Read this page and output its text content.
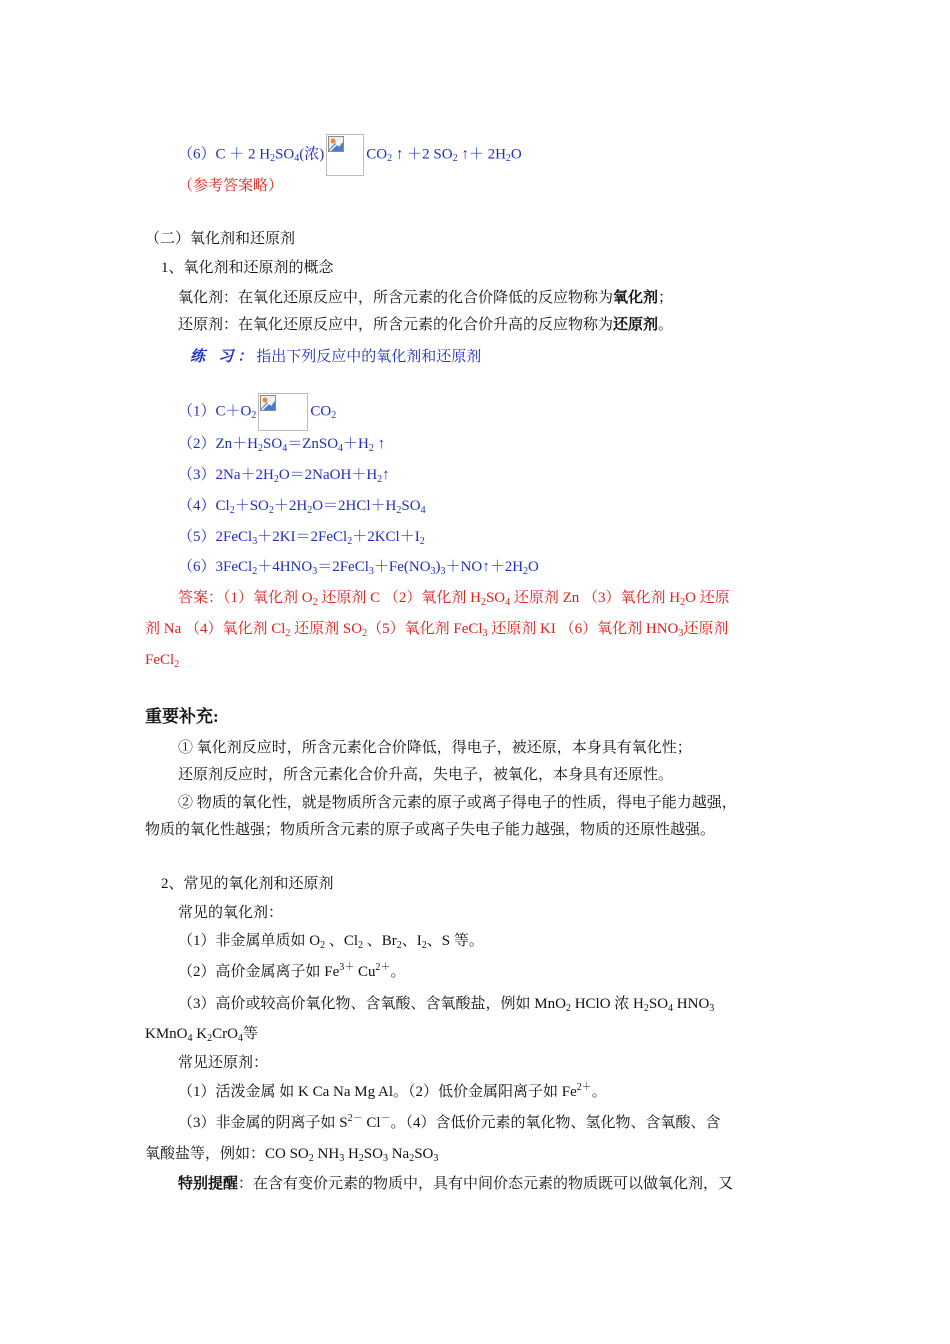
（6）C ＋ 2 $H_2SO_4$(浓)	$CO_2$ ↑ ＋2 $SO_2$ ↑＋ $2H_2O$
（参考答案略）
（二）氧化剂和还原剂
1、氧化剂和还原剂的概念
氧化剂：在氧化还原反应中，所含元素的化合价降低的反应物称为氧化剂；
还原剂：在氧化还原反应中，所含元素的化合价升高的反应物称为还原剂。
练 习：指出下列反应中的氧化剂和还原剂
$(1)C+O_2$	$CO_2$
$(2)Zn+H_2SO_4=ZnSO_4+H_2$ ↑
$(3)2Na+2H_2O=2NaOH+H_2↑$
$(4)Cl_2+SO_2+2H_2O=2HCl+H_2SO_4$
$(5)2FeCl_3+2KI=2FeCl_2+2KCl+I_2$
$(6)3FeCl_2+4HNO_3=2FeCl_3+Fe(NO_3)_3+NO↑+2H_2O$
答案：（1）氧化剂 $O_2$ 还原剂 C （2）氧化剂 $H_2SO_4$ 还原剂 Zn （3）氧化剂 $H_2O$ 还原
剂 Na （4）氧化剂 $Cl_2$ 还原剂 $SO_2(5)$氧化剂 FeCl$_3$ 还原剂 KI （6）氧化剂 $HNO_3$还原剂
FeCl$_2$
重要补充:
① 氧化剂反应时，所含元素化合价降低，得电子，被还原，本身具有氧化性；
还原剂反应时，所含元素化合价升高，失电子，被氧化，本身具有还原性。
② 物质的氧化性，就是物质所含元素的原子或离子得电子的性质，得电子能力越强，
物质的氧化性越强；物质所含元素的原子或离子失电子能力越强，物质的还原性越强。
2、常见的氧化剂和还原剂
常见的氧化剂：
（1）非金属单质如 $O_2$ 、$Cl_2$ 、$Br_2$、$I_2$、S 等。
（2）高价金属离子如 $Fe^{3+}$ $Cu^{2+}$。
（3）高价或较高价氧化物、含氧酸、含氧酸盐，例如 MnO$_2$ HClO 浓 $H_2SO_4$ $HNO_3$
KMnO$_4$ $K_2CrO_4$等
常见还原剂：
（1）活泼金属 如 K Ca Na Mg Al。（2）低价金属阳离子如 $Fe^{2+}$。
（3）非金属的阴离子如 $S^{2-}$ Cl－。（4）含低价元素的氧化物、氢化物、含氧酸、含
氧酸盐等，例如：CO $SO_2$ $NH_3$ $H_2SO_3$ $Na_2SO_3$
特别提醒：在含有变价元素的物质中，具有中间价态元素的物质既可以做氧化剂，又
